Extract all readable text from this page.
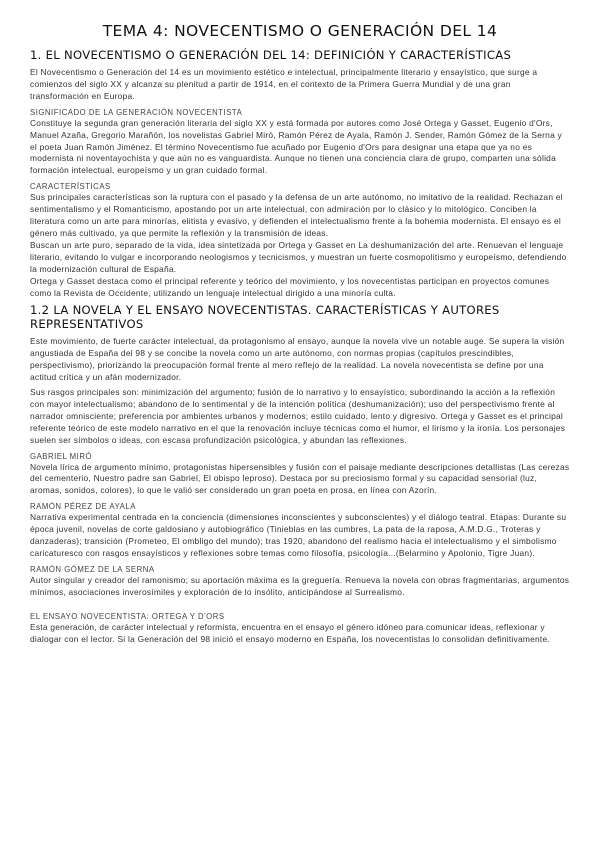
TEMA 4: NOVECENTISMO O GENERACIÓN DEL 14
1. EL NOVECENTISMO O GENERACIÓN DEL 14: DEFINICIÓN Y CARACTERÍSTICAS

El Novecentismo o Generación del 14 es un movimiento estético e intelectual, principalmente literario y ensayístico, que surge a comienzos del siglo XX y alcanza su plenitud a partir de 1914, en el contexto de la Primera Guerra Mundial y de una gran transformación en Europa.

SIGNIFICADO DE LA GENERACIÓN NOVECENTISTA

Constituye la segunda gran generación literaria del siglo XX y está formada por autores como José Ortega y Gasset, Eugenio d'Ors, Manuel Azaña, Gregorio Marañón, los novelistas Gabriel Miró, Ramón Pérez de Ayala, Ramón J. Sender, Ramón Gómez de la Serna y el poeta Juan Ramón Jiménez. El término Novecentismo fue acuñado por Eugenio d'Ors para designar una etapa que ya no es modernista ni noventayochista y que aún no es vanguardista. Aunque no tienen una conciencia clara de grupo, comparten una sólida formación intelectual, europeísmo y un gran cuidado formal.

CARACTERÍSTICAS

Sus principales características son la ruptura con el pasado y la defensa de un arte autónomo, no imitativo de la realidad. Rechazan el sentimentalismo y el Romanticismo, apostando por un arte intelectual, con admiración por lo clásico y lo mitológico. Conciben la literatura como un arte para minorías, elitista y evasivo, y defienden el intelectualismo frente a la bohemia modernista. El ensayo es el género más cultivado, ya que permite la reflexión y la transmisión de ideas.

Buscan un arte puro, separado de la vida, idea sintetizada por Ortega y Gasset en La deshumanización del arte. Renuevan el lenguaje literario, evitando lo vulgar e incorporando neologismos y tecnicismos, y muestran un fuerte cosmopolitismo y europeísmo, defendiendo la modernización cultural de España.

Ortega y Gasset destaca como el principal referente y teórico del movimiento, y los novecentistas participan en proyectos comunes como la Revista de Occidente, utilizando un lenguaje intelectual dirigido a una minoría culta.

1.2 LA NOVELA Y EL ENSAYO NOVECENTISTAS. CARACTERÍSTICAS Y AUTORES REPRESENTATIVOS

Este movimiento, de fuerte carácter intelectual, da protagonismo al ensayo, aunque la novela vive un notable auge. Se supera la visión angustiada de España del 98 y se concibe la novela como un arte autónomo, con normas propias (capítulos prescindibles, perspectivismo), priorizando la preocupación formal frente al mero reflejo de la realidad. La novela novecentista se define por una actitud crítica y un afán modernizador.

Sus rasgos principales son: minimización del argumento; fusión de lo narrativo y lo ensayístico, subordinando la acción a la reflexión con mayor intelectualismo; abandono de lo sentimental y de la intención política (deshumanización); uso del perspectivismo frente al narrador omnisciente; preferencia por ambientes urbanos y modernos; estilo cuidado, lento y digresivo. Ortega y Gasset es el principal referente teórico de este modelo narrativo en el que la renovación incluye técnicas como el humor, el lirismo y la ironía. Los personajes suelen ser símbolos o ideas, con escasa profundización psicológica, y abundan las reflexiones.

GABRIEL MIRÓ

Novela lírica de argumento mínimo, protagonistas hipersensibles y fusión con el paisaje mediante descripciones detallistas (Las cerezas del cementerio, Nuestro padre san Gabriel, El obispo leproso). Destaca por su preciosismo formal y su capacidad sensorial (luz, aromas, sonidos, colores), lo que le valió ser considerado un gran poeta en prosa, en línea con Azorín.

RAMÓN PÉREZ DE AYALA

Narrativa experimental centrada en la conciencia (dimensiones inconscientes y subconscientes) y el diálogo teatral. Etapas: Durante su época juvenil, novelas de corte galdosiano y autobiográfico (Tinieblas en las cumbres, La pata de la raposa, A.M.D.G., Troteras y danzaderas); transición (Prometeo, El ombligo del mundo); tras 1920, abandono del realismo hacia el intelectualismo y el simbolismo caricaturesco con rasgos ensayísticos y reflexiones sobre temas como filosofía, psicología...(Belarmino y Apolonio, Tigre Juan).

RAMÓN GÓMEZ DE LA SERNA

Autor singular y creador del ramonismo; su aportación máxima es la greguería. Renueva la novela con obras fragmentarias, argumentos mínimos, asociaciones inverosímiles y exploración de lo insólito, anticipándose al Surrealismo.

EL ENSAYO NOVECENTISTA: ORTEGA Y D'ORS

Esta generación, de carácter intelectual y reformista, encuentra en el ensayo el género idóneo para comunicar ideas, reflexionar y dialogar con el lector. Si la Generación del 98 inició el ensayo moderno en España, los novecentistas lo consolidan definitivamente.
